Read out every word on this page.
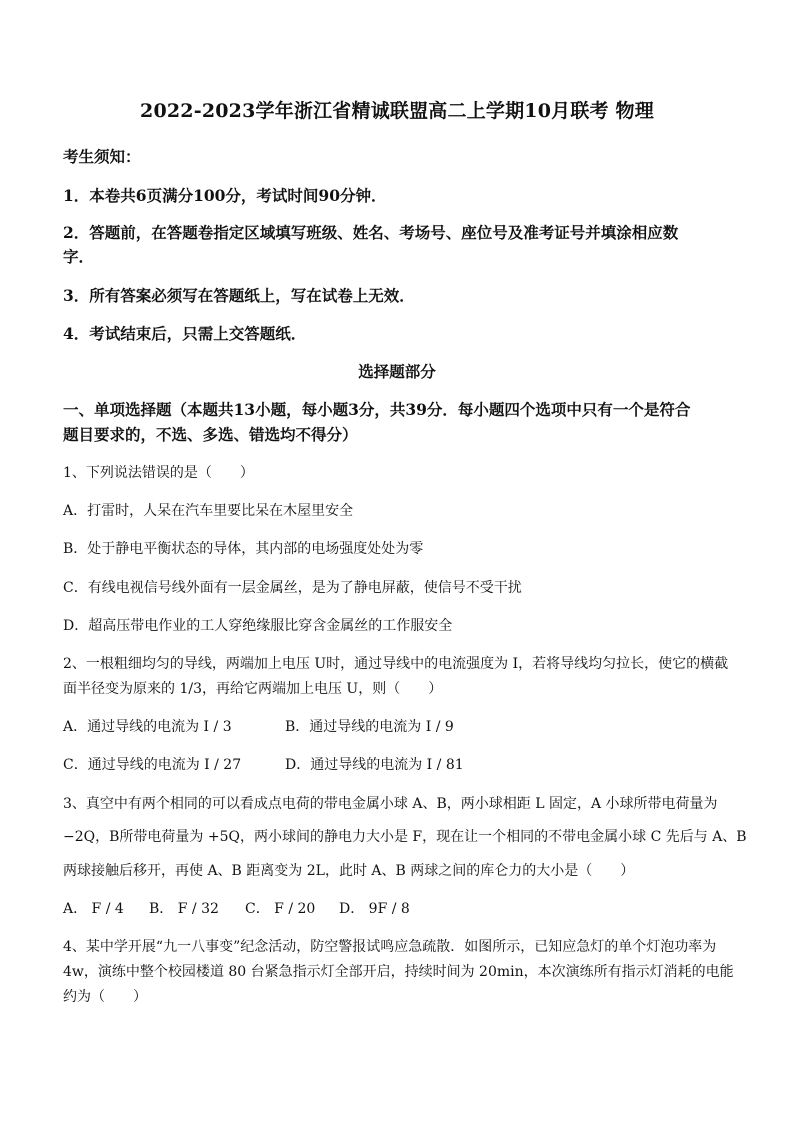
2022-2023学年浙江省精诚联盟高二上学期10月联考 物理
考生须知：
1．本卷共6页满分100分，考试时间90分钟．
2．答题前，在答题卷指定区域填写班级、姓名、考场号、座位号及准考证号并填涂相应数
字．
3．所有答案必须写在答题纸上，写在试卷上无效．
4．考试结束后，只需上交答题纸．
选择题部分
一、单项选择题（本题共13小题，每小题3分，共39分．每小题四个选项中只有一个是符合
题目要求的，不选、多选、错选均不得分）
1、下列说法错误的是（　　）
A．打雷时，人呆在汽车里要比呆在木屋里安全
B．处于静电平衡状态的导体，其内部的电场强度处处为零
C．有线电视信号线外面有一层金属丝，是为了静电屏蔽，使信号不受干扰
D．超高压带电作业的工人穿绝缘服比穿含金属丝的工作服安全
2、一根粗细均匀的导线，两端加上电压 U时，通过导线中的电流强度为 I，若将导线均匀拉长，使它的横截
面半径变为原来的 1/3，再给它两端加上电压 U，则（　　）
A．通过导线的电流为 I / 3	B．通过导线的电流为 I / 9
C．通过导线的电流为 I / 27	D．通过导线的电流为 I / 81
3、真空中有两个相同的可以看成点电荷的带电金属小球 A、B，两小球相距 L 固定，A 小球所带电荷量为
−2Q，B所带电荷量为 +5Q，两小球间的静电力大小是 F，现在让一个相同的不带电金属小球 C 先后与 A、B
两球接触后移开，再使 A、B 距离变为 2L，此时 A、B 两球之间的库仑力的大小是（　　）
A． F / 4 B． F / 32 C． F / 20 D． 9F / 8
4、某中学开展“九一八事变”纪念活动，防空警报试鸣应急疏散．如图所示，已知应急灯的单个灯泡功率为
4w，演练中整个校园楼道 80 台紧急指示灯全部开启，持续时间为 20min，本次演练所有指示灯消耗的电能
约为（　　）
